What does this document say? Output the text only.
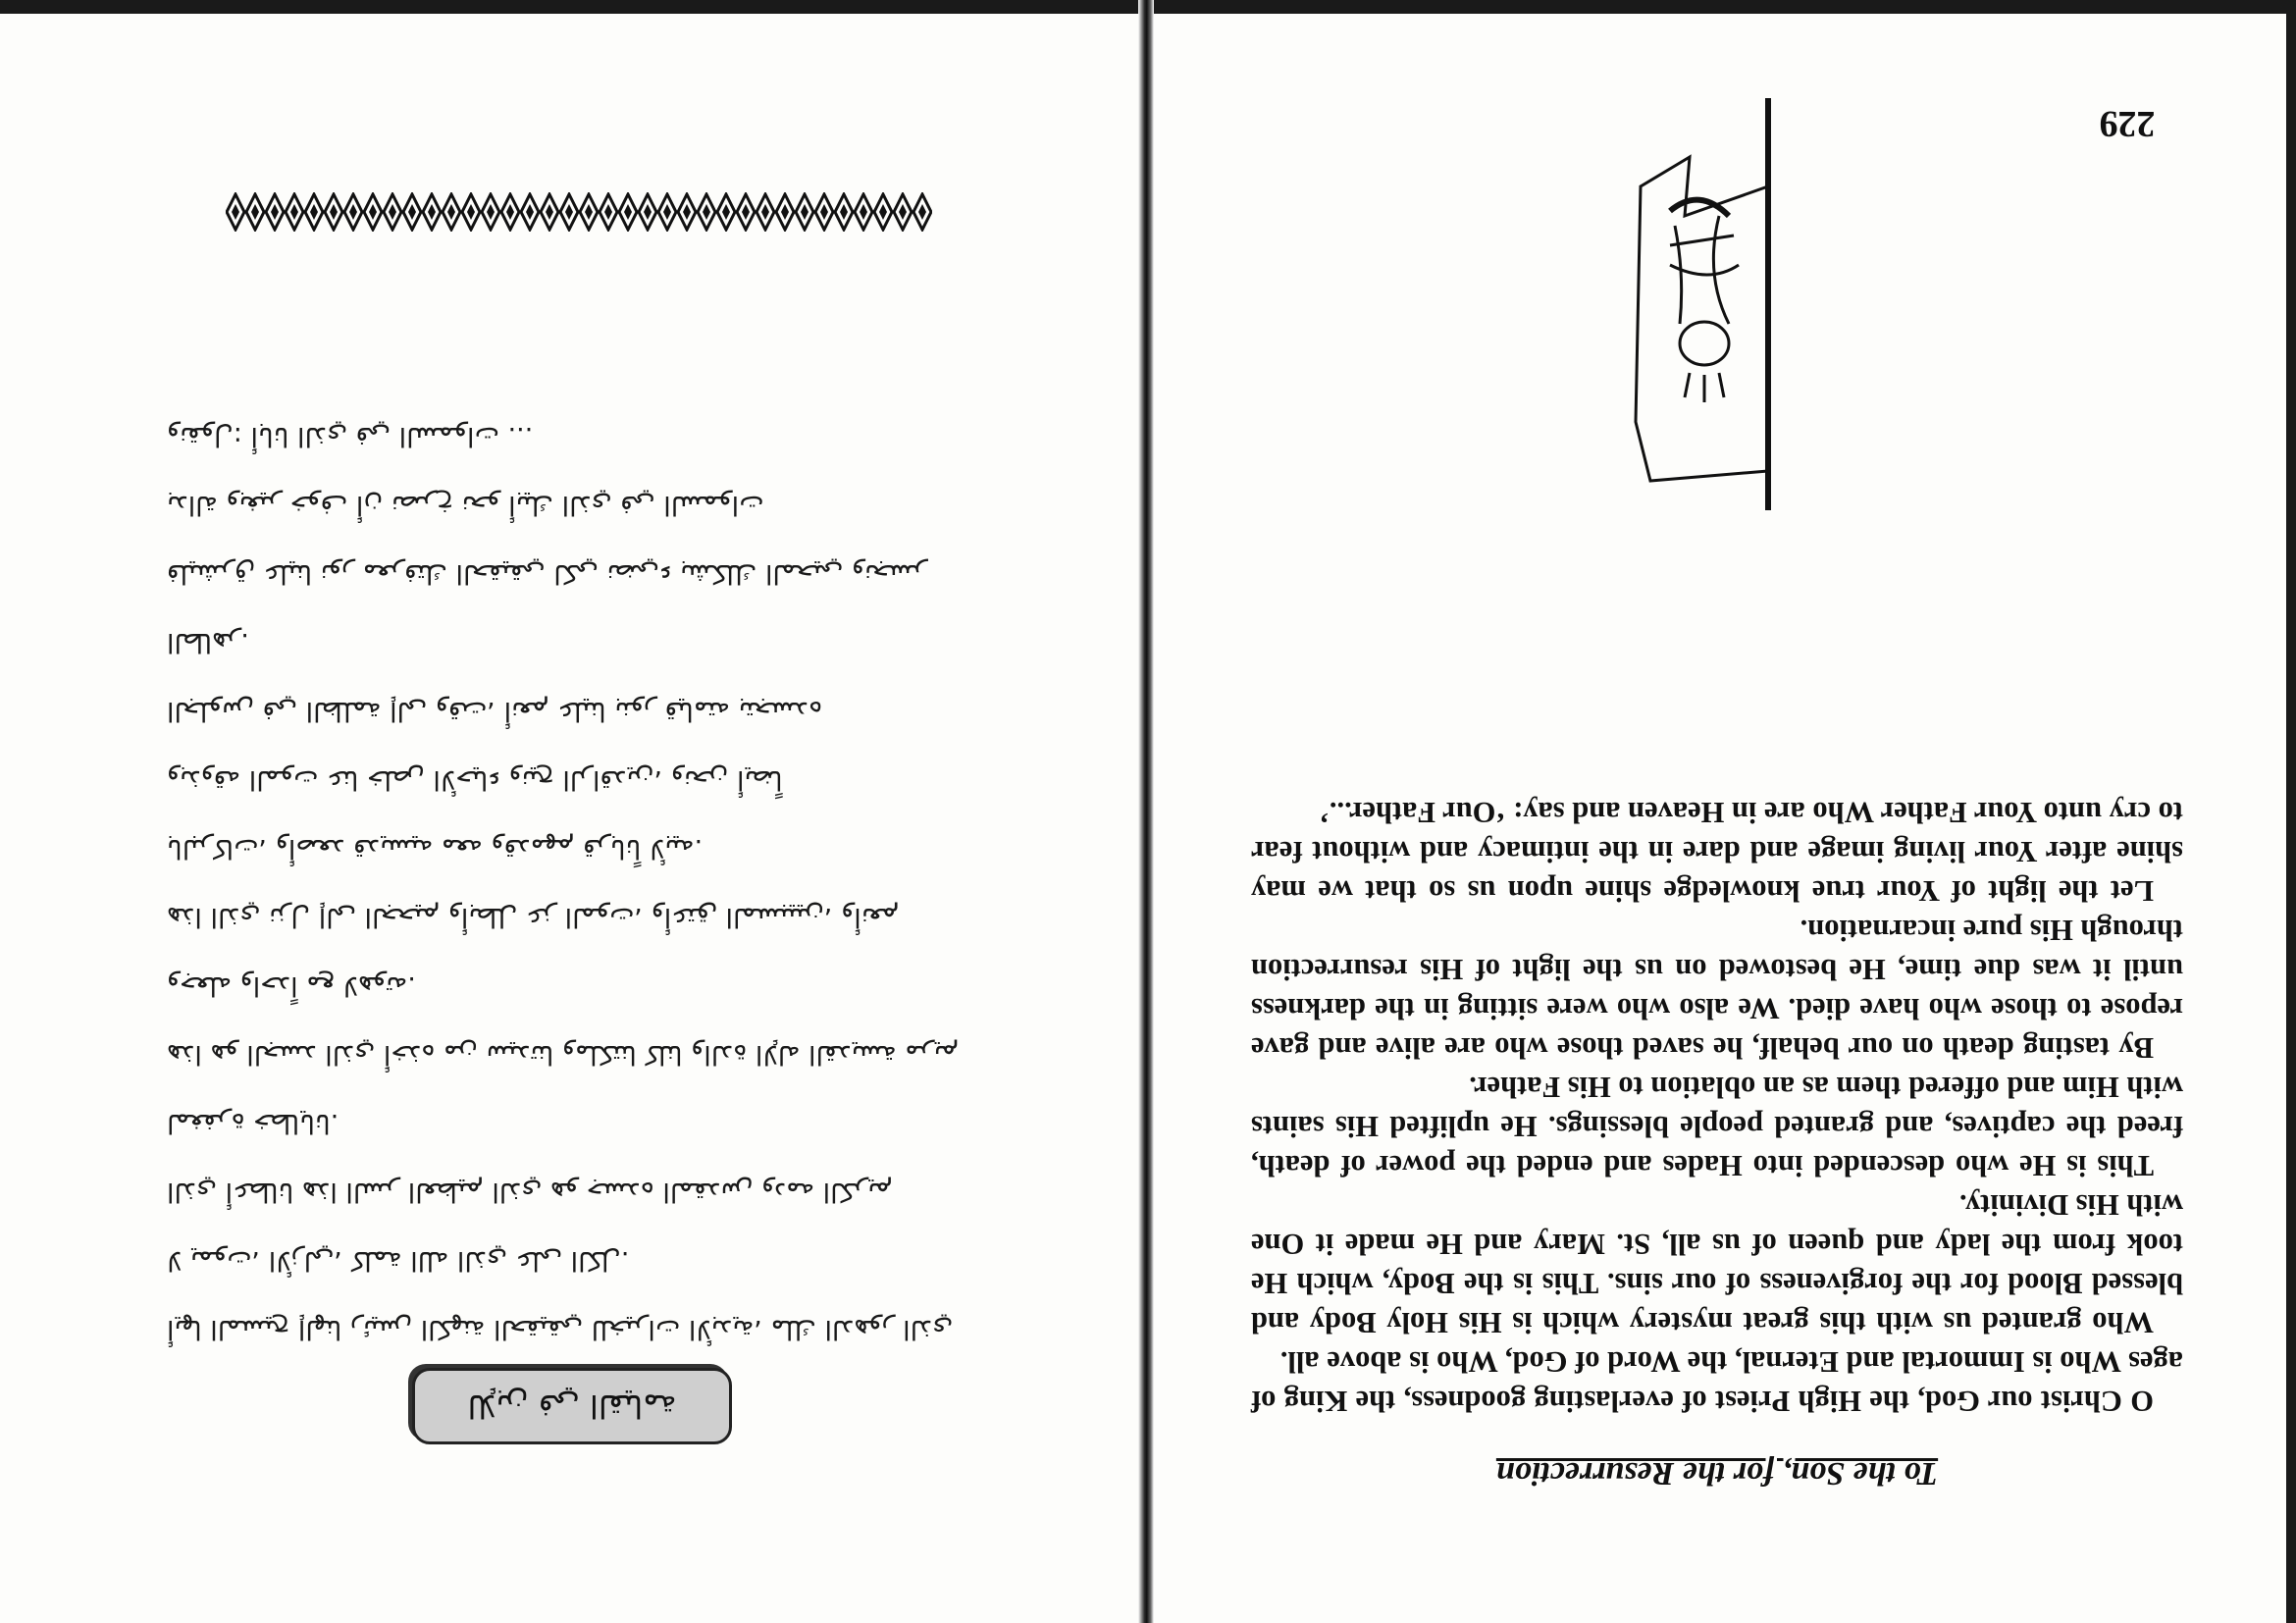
229
To the Son, for the Resurrection

O Christ our God, the High Priest of everlasting goodness, the King of ages Who is Immortal and Eternal, the Word of God, Who is above all.

Who granted us with this great mystery which is His Holy Body and blessed Blood for the forgiveness of our sins. This is the Body, which He took from the lady and queen of us all, St. Mary and He made it One with His Divinity.

This is He who descended into Hades and ended the power of death, freed the captives, and granted people blessings. He uplifted His saints with Him and offered them as an oblation to His Father.

By tasting death on our behalf, he saved those who are alive and gave repose to those who have died. We also who were sitting in the darkness until it was due time, He bestowed on us the light of His resurrection through His pure incarnation.

Let the light of Your true knowledge shine upon us so that we may shine after Your living image and dare in the intimacy and without fear to cry unto Your Father Who are in Heaven and say: ‘Our Father...’

للإبن في القيامة
أيها المسيح إلهنا رئيس الكهنة الحقيقي للخيرات الأبدية، ملك الدهور الذي
لا يموت، الأزلي، كلمة الله الذي على الكل.
الذي أعطانا هذا السر العظيم الذي هو جسده المقدس ودمه الكريم
لمغفرة خطايانا.
هذا هو الجسد الذي أخذه من سيدتنا وملكتنا كلنا والدة الإله القديسة مريم
وجعله واحداً مع لاهوته.
هذا الذي نزل إلى الجحيم وأبطل عز الموت، وأعتق المسبيين، وأنعم
بالبركات، وأصعد قديسيه معه وقدمهم قرباناً لأبيه.
وبذوقه الموت عنا خلص الأحياء ونيح الراقدين، ونحن أيضاً
الجلوس في الظلمة إلى وقت، أنعم علينا بنور قيامته بتجسده
الطاهر.
فليشرق علينا نور معرفتك الحقيقي لكي نضيء بشكلك المحيي ونجسر
بدالة وبغير خوف أن نصرخ نحو أبيك الذي في السموات
ونقول: أبانا الذي في السموات ...
